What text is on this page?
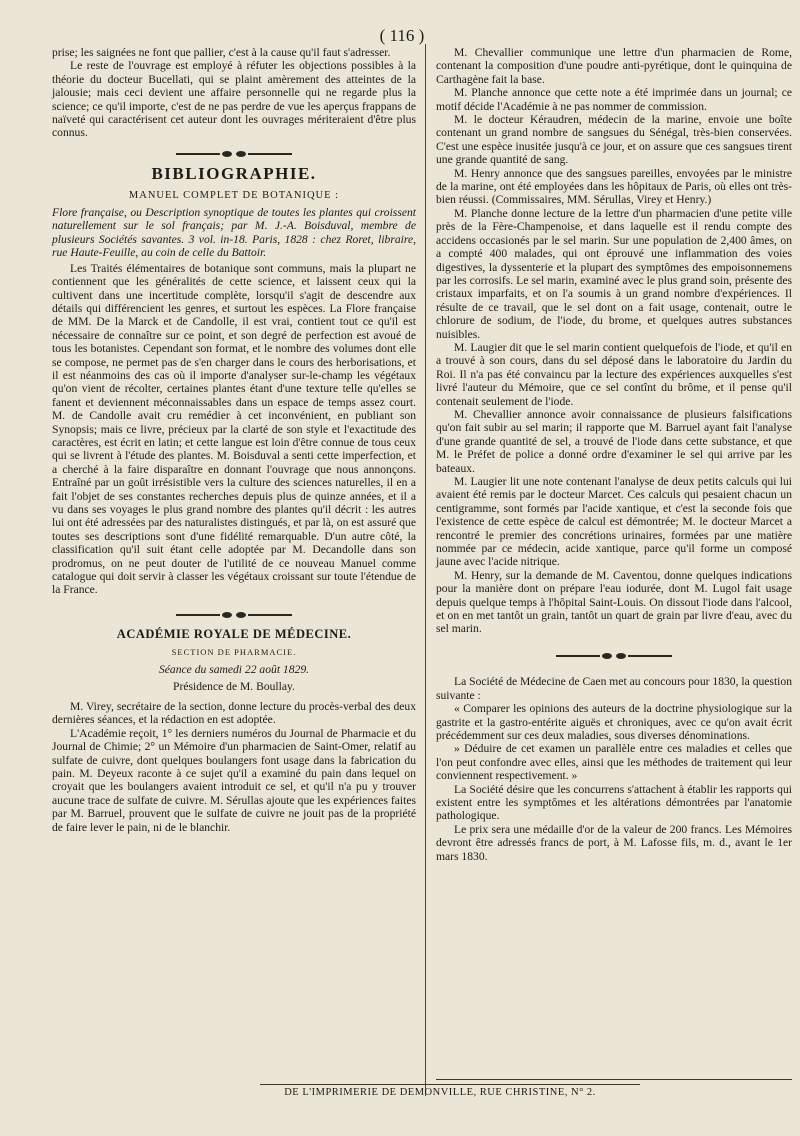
( 116 )

prise; les saignées ne font que pallier, c'est à la cause qu'il faut s'adresser.

Le reste de l'ouvrage est employé à réfuter les objections possibles à la théorie du docteur Bucellati, qui se plaint amèrement des atteintes de la jalousie; mais ceci devient une affaire personnelle qui ne regarde plus la science; ce qu'il importe, c'est de ne pas perdre de vue les aperçus frappans de naïveté qui caractérisent cet auteur dont les ouvrages mériteraient d'être plus connus.

BIBLIOGRAPHIE.
MANUEL COMPLET DE BOTANIQUE :

Flore française, ou Description synoptique de toutes les plantes qui croissent naturellement sur le sol français; par M. J.-A. Boisduval, membre de plusieurs Sociétés savantes. 3 vol. in-18. Paris, 1828 : chez Roret, libraire, rue Haute-Feuille, au coin de celle du Battoir.

Les Traités élémentaires de botanique sont communs, mais la plupart ne contiennent que les généralités de cette science, et laissent ceux qui la cultivent dans une incertitude complète, lorsqu'il s'agit de descendre aux détails qui différencient les genres, et surtout les espèces. La Flore française de MM. De la Marck et de Candolle, il est vrai, contient tout ce qu'il est nécessaire de connaître sur ce point, et son degré de perfection est avoué de tous les botanistes. Cependant son format, et le nombre des volumes dont elle se compose, ne permet pas de s'en charger dans le cours des herborisations, et il est néanmoins des cas où il importe d'analyser sur-le-champ les végétaux qu'on vient de récolter, certaines plantes étant d'une texture telle qu'elles se fanent et deviennent méconnaissables dans un espace de temps assez court. M. de Candolle avait cru remédier à cet inconvénient, en publiant son Synopsis; mais ce livre, précieux par la clarté de son style et l'exactitude des caractères, est écrit en latin; et cette langue est loin d'être connue de tous ceux qui se livrent à l'étude des plantes. M. Boisduval a senti cette imperfection, et a cherché à la faire disparaître en donnant l'ouvrage que nous annonçons. Entraîné par un goût irrésistible vers la culture des sciences naturelles, il en a fait l'objet de ses constantes recherches depuis plus de quinze années, et il a vu dans ses voyages le plus grand nombre des plantes qu'il décrit : les autres lui ont été adressées par des naturalistes distingués, et par là, on est assuré que toutes ses descriptions sont d'une fidélité remarquable. D'un autre côté, la classification qu'il suit étant celle adoptée par M. Decandolle dans son prodromus, on ne peut douter de l'utilité de ce nouveau Manuel comme catalogue qui doit servir à classer les végétaux croissant sur toute l'étendue de la France.

ACADÉMIE ROYALE DE MÉDECINE.
SECTION DE PHARMACIE.
Séance du samedi 22 août 1829.
Présidence de M. Boullay.

M. Virey, secrétaire de la section, donne lecture du procès-verbal des deux dernières séances, et la rédaction en est adoptée.

L'Académie reçoit, 1° les derniers numéros du Journal de Pharmacie et du Journal de Chimie; 2° un Mémoire d'un pharmacien de Saint-Omer, relatif au sulfate de cuivre, dont quelques boulangers font usage dans la fabrication du pain. M. Deyeux raconte à ce sujet qu'il a examiné du pain dans lequel on croyait que les boulangers avaient introduit ce sel, et qu'il n'a pu y trouver aucune trace de sulfate de cuivre. M. Sérullas ajoute que les expériences faites par M. Barruel, prouvent que le sulfate de cuivre ne jouit pas de la propriété de faire lever le pain, ni de le blanchir.

M. Chevallier communique une lettre d'un pharmacien de Rome, contenant la composition d'une poudre anti-pyrétique, dont le quinquina de Carthagène fait la base.

M. Planche annonce que cette note a été imprimée dans un journal; ce motif décide l'Académie à ne pas nommer de commission.

M. le docteur Kéraudren, médecin de la marine, envoie une boîte contenant un grand nombre de sangsues du Sénégal, très-bien conservées. C'est une espèce inusitée jusqu'à ce jour, et on assure que ces sangsues tirent une grande quantité de sang.

M. Henry annonce que des sangsues pareilles, envoyées par le ministre de la marine, ont été employées dans les hôpitaux de Paris, où elles ont très-bien réussi. (Commissaires, MM. Sérullas, Virey et Henry.)

M. Planche donne lecture de la lettre d'un pharmacien d'une petite ville près de la Fère-Champenoise, et dans laquelle est il rendu compte des accidens occasionés par le sel marin. Sur une population de 2,400 âmes, on a compté 400 malades, qui ont éprouvé une inflammation des voies digestives, la dyssenterie et la plupart des symptômes des empoisonnemens par les corrosifs. Le sel marin, examiné avec le plus grand soin, présente des cristaux imparfaits, et on l'a soumis à un grand nombre d'expériences. Il résulte de ce travail, que le sel dont on a fait usage, contenait, outre le chlorure de sodium, de l'iode, du brome, et quelques autres substances nuisibles.

M. Laugier dit que le sel marin contient quelquefois de l'iode, et qu'il en a trouvé à son cours, dans du sel déposé dans le laboratoire du Jardin du Roi. Il n'a pas été convaincu par la lecture des expériences auxquelles s'est livré l'auteur du Mémoire, que ce sel contînt du brôme, et il pense qu'il contenait seulement de l'iode.

M. Chevallier annonce avoir connaissance de plusieurs falsifications qu'on fait subir au sel marin; il rapporte que M. Barruel ayant fait l'analyse d'une grande quantité de sel, a trouvé de l'iode dans cette substance, et que M. le Préfet de police a donné ordre d'examiner le sel qui arrive par les bateaux.

M. Laugier lit une note contenant l'analyse de deux petits calculs qui lui avaient été remis par le docteur Marcet. Ces calculs qui pesaient chacun un centigramme, sont formés par l'acide xantique, et c'est la seconde fois que l'existence de cette espèce de calcul est démontrée; M. le docteur Marcet a rencontré le premier des concrétions urinaires, formées par une matière nommée par ce médecin, acide xantique, parce qu'il forme un composé jaune avec l'acide nitrique.

M. Henry, sur la demande de M. Caventou, donne quelques indications pour la manière dont on prépare l'eau iodurée, dont M. Lugol fait usage depuis quelque temps à l'hôpital Saint-Louis. On dissout l'iode dans l'alcool, et on en met tantôt un grain, tantôt un quart de grain par livre d'eau, avec du sel marin.

La Société de Médecine de Caen met au concours pour 1830, la question suivante :

« Comparer les opinions des auteurs de la doctrine physiologique sur la gastrite et la gastro-entérite aiguës et chroniques, avec ce qu'on avait écrit précédemment sur ces deux maladies, sous diverses dénominations.

» Déduire de cet examen un parallèle entre ces maladies et celles que l'on peut confondre avec elles, ainsi que les méthodes de traitement qui leur conviennent respectivement. »

La Société désire que les concurrens s'attachent à établir les rapports qui existent entre les symptômes et les altérations démontrées par l'anatomie pathologique.

Le prix sera une médaille d'or de la valeur de 200 francs. Les Mémoires devront être adressés francs de port, à M. Lafosse fils, m. d., avant le 1er mars 1830.

DE L'IMPRIMERIE DE DEMONVILLE, RUE CHRISTINE, N° 2.
